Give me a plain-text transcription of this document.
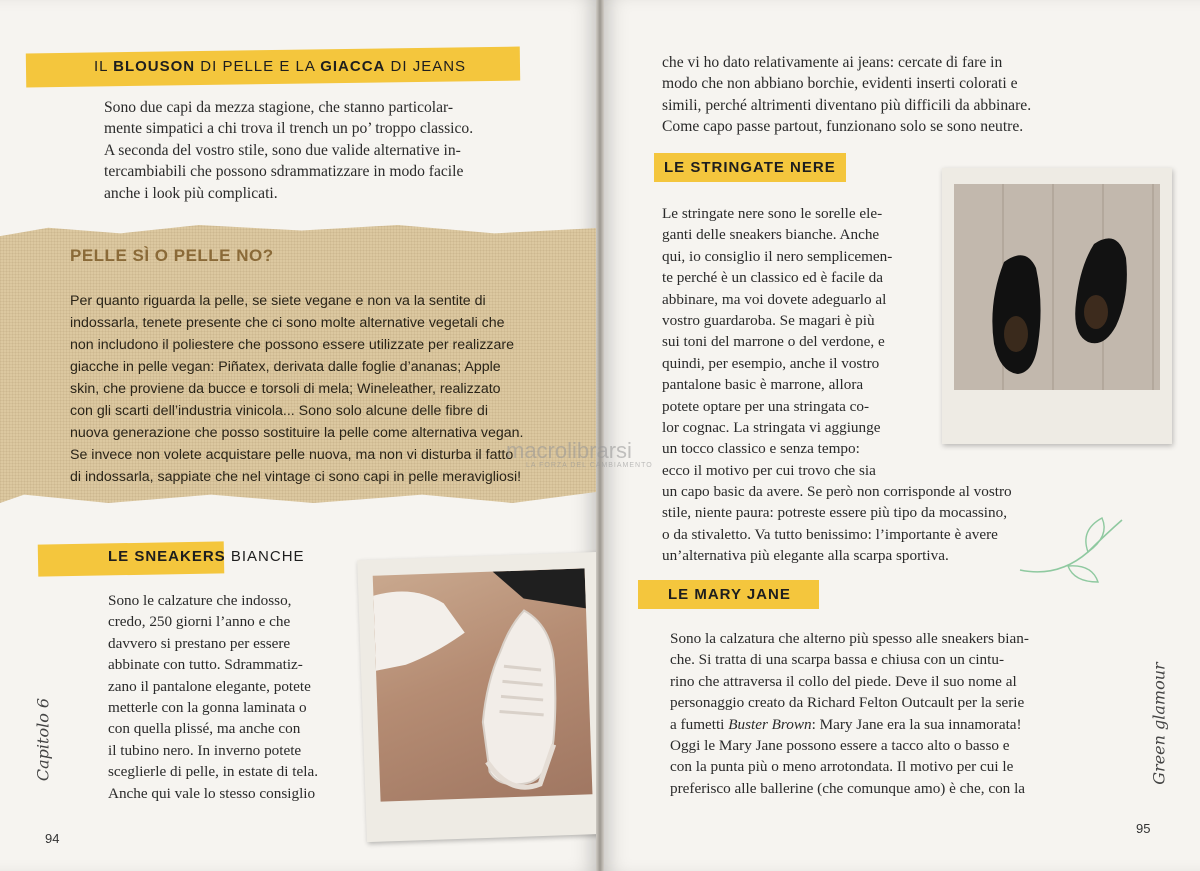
IL BLOUSON DI PELLE E LA GIACCA DI JEANS

Sono due capi da mezza stagione, che stanno particolar-

mente simpatici a chi trova il trench un po’ troppo classico.

A seconda del vostro stile, sono due valide alternative in-

tercambiabili che possono sdrammatizzare in modo facile

anche i look più complicati.

PELLE SÌ O PELLE NO?
Per quanto riguarda la pelle, se siete vegane e non va la sentite di
indossarla, tenete presente che ci sono molte alternative vegetali che
non includono il poliestere che possono essere utilizzate per realizzare
giacche in pelle vegan: Piñatex, derivata dalle foglie d’ananas; Apple
skin, che proviene da bucce e torsoli di mela; Wineleather, realizzato
con gli scarti dell’industria vinicola... Sono solo alcune delle fibre di
nuova generazione che posso sostituire la pelle come alternativa vegan.
Se invece non volete acquistare pelle nuova, ma non vi disturba il fatto
di indossarla, sappiate che nel vintage ci sono capi in pelle meravigliosi!
LE SNEAKERS BIANCHE

Sono le calzature che indosso,

credo, 250 giorni l’anno e che

davvero si prestano per essere

abbinate con tutto. Sdrammatiz-

zano il pantalone elegante, potete

metterle con la gonna laminata o

con quella plissé, ma anche con

il tubino nero. In inverno potete

sceglierle di pelle, in estate di tela.

Anche qui vale lo stesso consiglio

Capitolo 6

94

che vi ho dato relativamente ai jeans: cercate di fare in

modo che non abbiano borchie, evidenti inserti colorati e

simili, perché altrimenti diventano più difficili da abbinare.

Come capo passe partout, funzionano solo se sono neutre.

LE STRINGATE NERE

Le stringate nere sono le sorelle ele-

ganti delle sneakers bianche. Anche

qui, io consiglio il nero semplicemen-

te perché è un classico ed è facile da

abbinare, ma voi dovete adeguarlo al

vostro guardaroba. Se magari è più

sui toni del marrone o del verdone, e

quindi, per esempio, anche il vostro

pantalone basic è marrone, allora

potete optare per una stringata co-

lor cognac. La stringata vi aggiunge

un tocco classico e senza tempo:

ecco il motivo per cui trovo che sia

un capo basic da avere. Se però non corrisponde al vostro

stile, niente paura: potreste essere più tipo da mocassino,

o da stivaletto. Va tutto benissimo: l’importante è avere

un’alternativa più elegante alla scarpa sportiva.

LE MARY JANE

Sono la calzatura che alterno più spesso alle sneakers bian-

che. Si tratta di una scarpa bassa e chiusa con un cintu-

rino che attraversa il collo del piede. Deve il suo nome al

personaggio creato da Richard Felton Outcault per la serie

a fumetti Buster Brown: Mary Jane era la sua innamorata!

Oggi le Mary Jane possono essere a tacco alto o basso e

con la punta più o meno arrotondata. Il motivo per cui le

preferisco alle ballerine (che comunque amo) è che, con la

Green glamour

95

macrolibrarsi
LA FORZA DEL CAMBIAMENTO
